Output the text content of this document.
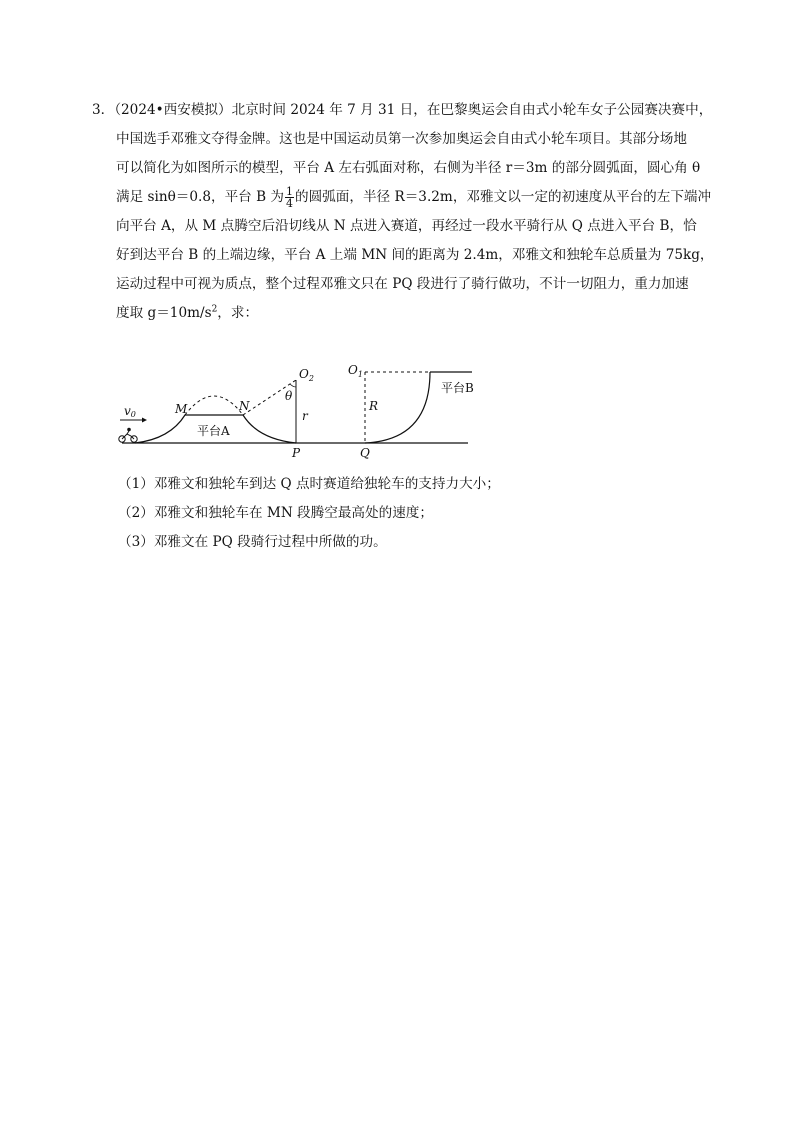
3．（2024•西安模拟）北京时间 2024 年 7 月 31 日，在巴黎奥运会自由式小轮车女子公园赛决赛中，
中国选手邓雅文夺得金牌。这也是中国运动员第一次参加奥运会自由式小轮车项目。其部分场地
可以简化为如图所示的模型，平台 A 左右弧面对称，右侧为半径 r＝3m 的部分圆弧面，圆心角 θ
满足 sinθ＝0.8，平台 B 为 $\frac{1}{4}$ 的圆弧面，半径 R＝3.2m，邓雅文以一定的初速度从平台的左下端冲
向平台 A，从 M 点腾空后沿切线从 N 点进入赛道，再经过一段水平骑行从 Q 点进入平台 B，恰
好到达平台 B 的上端边缘，平台 A 上端 MN 间的距离为 2.4m，邓雅文和独轮车总质量为 75kg，
运动过程中可视为质点，整个过程邓雅文只在 PQ 段进行了骑行做功，不计一切阻力，重力加速
度取 $g=10m/s^2$，求：
v0	M	N
平台A
$O_2$
θ
r
P
$O_1$
R
Q
平台B
（1）邓雅文和独轮车到达 Q 点时赛道给独轮车的支持力大小；
（2）邓雅文和独轮车在 MN 段腾空最高处的速度；
（3）邓雅文在 PQ 段骑行过程中所做的功。
